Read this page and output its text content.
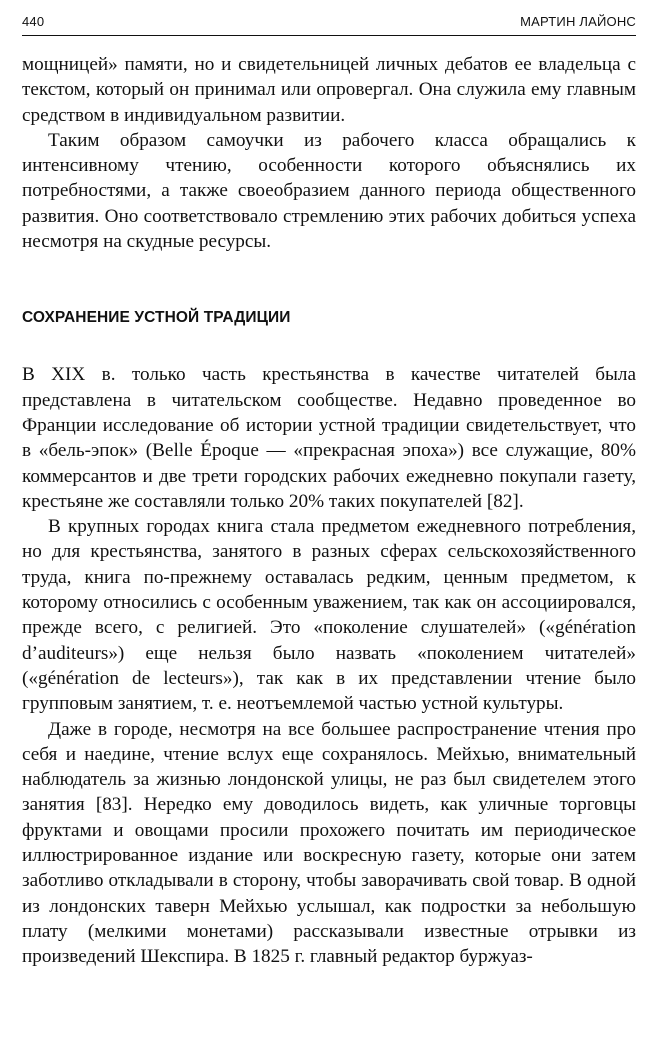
440	МАРТИН ЛАЙОНС

мощницей» памяти, но и свидетельницей личных дебатов ее владельца с текстом, который он принимал или опровергал. Она служила ему главным средством в индивидуальном развитии.

Таким образом самоучки из рабочего класса обращались к интенсивному чтению, особенности которого объяснялись их потребностями, а также своеобразием данного периода общественного развития. Оно соответствовало стремлению этих рабочих добиться успеха несмотря на скудные ресурсы.

СОХРАНЕНИЕ УСТНОЙ ТРАДИЦИИ

В XIX в. только часть крестьянства в качестве читателей была представлена в читательском сообществе. Недавно проведенное во Франции исследование об истории устной традиции свидетельствует, что в «бель-эпок» (Belle Époque — «прекрасная эпоха») все служащие, 80% коммерсантов и две трети городских рабочих ежедневно покупали газету, крестьяне же составляли только 20% таких покупателей [82].

В крупных городах книга стала предметом ежедневного потребления, но для крестьянства, занятого в разных сферах сельскохозяйственного труда, книга по-прежнему оставалась редким, ценным предметом, к которому относились с особенным уважением, так как он ассоциировался, прежде всего, с религией. Это «поколение слушателей» («génération d’auditeurs») еще нельзя было назвать «поколением читателей» («génération de lecteurs»), так как в их представлении чтение было групповым занятием, т. е. неотъемлемой частью устной культуры.

Даже в городе, несмотря на все большее распространение чтения про себя и наедине, чтение вслух еще сохранялось. Мейхью, внимательный наблюдатель за жизнью лондонской улицы, не раз был свидетелем этого занятия [83]. Нередко ему доводилось видеть, как уличные торговцы фруктами и овощами просили прохожего почитать им периодическое иллюстрированное издание или воскресную газету, которые они затем заботливо откладывали в сторону, чтобы заворачивать свой товар. В одной из лондонских таверн Мейхью услышал, как подростки за небольшую плату (мелкими монетами) рассказывали известные отрывки из произведений Шекспира. В 1825 г. главный редактор буржуаз-
